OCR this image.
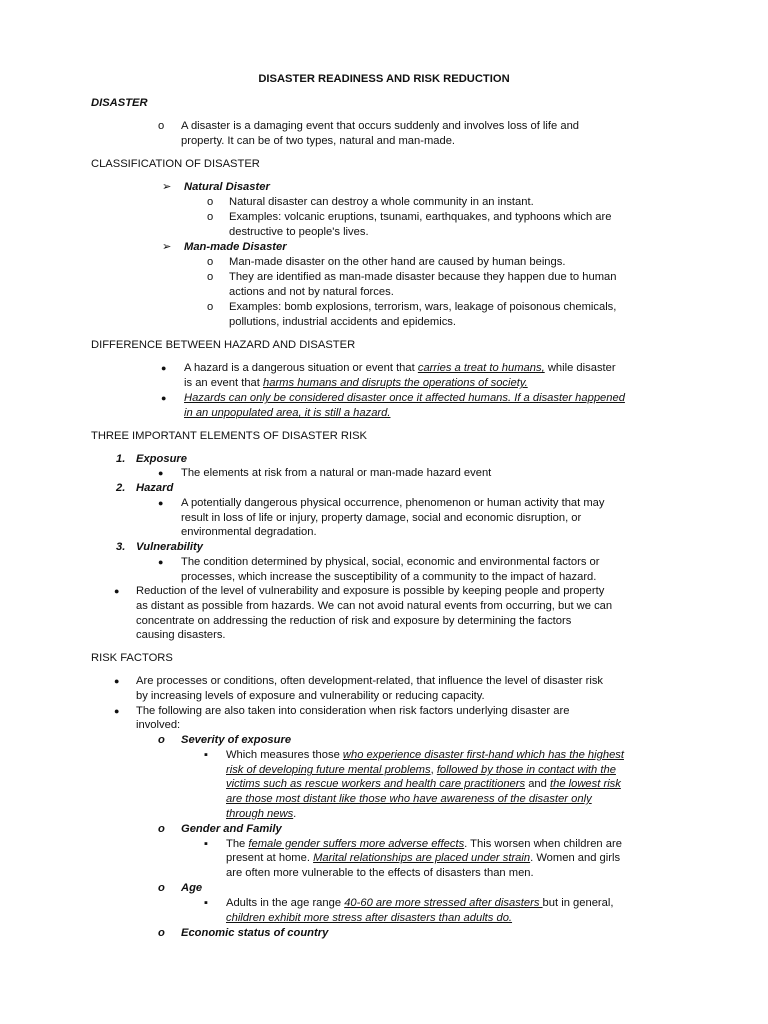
DISASTER READINESS AND RISK REDUCTION
DISASTER
o A disaster is a damaging event that occurs suddenly and involves loss of life and
property. It can be of two types, natural and man-made.
CLASSIFICATION OF DISASTER
➢ Natural Disaster
o Natural disaster can destroy a whole community in an instant.
o Examples: volcanic eruptions, tsunami, earthquakes, and typhoons which are
destructive to people's lives.
➢ Man-made Disaster
o Man-made disaster on the other hand are caused by human beings.
o They are identified as man-made disaster because they happen due to human
actions and not by natural forces.
o Examples: bomb explosions, terrorism, wars, leakage of poisonous chemicals,
pollutions, industrial accidents and epidemics.
DIFFERENCE BETWEEN HAZARD AND DISASTER
● A hazard is a dangerous situation or event that carries a treat to humans, while disaster
is an event that harms humans and disrupts the operations of society.
● Hazards can only be considered disaster once it affected humans. If a disaster happened
in an unpopulated area, it is still a hazard.
THREE IMPORTANT ELEMENTS OF DISASTER RISK
1. Exposure
● The elements at risk from a natural or man-made hazard event
2. Hazard
● A potentially dangerous physical occurrence, phenomenon or human activity that may
result in loss of life or injury, property damage, social and economic disruption, or
environmental degradation.
3. Vulnerability
● The condition determined by physical, social, economic and environmental factors or
processes, which increase the susceptibility of a community to the impact of hazard.
● Reduction of the level of vulnerability and exposure is possible by keeping people and property
as distant as possible from hazards. We can not avoid natural events from occurring, but we can
concentrate on addressing the reduction of risk and exposure by determining the factors
causing disasters.
RISK FACTORS
● Are processes or conditions, often development-related, that influence the level of disaster risk
by increasing levels of exposure and vulnerability or reducing capacity.
● The following are also taken into consideration when risk factors underlying disaster are
involved:
o Severity of exposure
▪ Which measures those who experience disaster first-hand which has the highest
risk of developing future mental problems, followed by those in contact with the
victims such as rescue workers and health care practitioners and the lowest risk
are those most distant like those who have awareness of the disaster only
through news.
o Gender and Family
▪ The female gender suffers more adverse effects. This worsen when children are
present at home. Marital relationships are placed under strain. Women and girls
are often more vulnerable to the effects of disasters than men.
o Age
▪ Adults in the age range 40-60 are more stressed after disasters but in general,
children exhibit more stress after disasters than adults do.
o Economic status of country
